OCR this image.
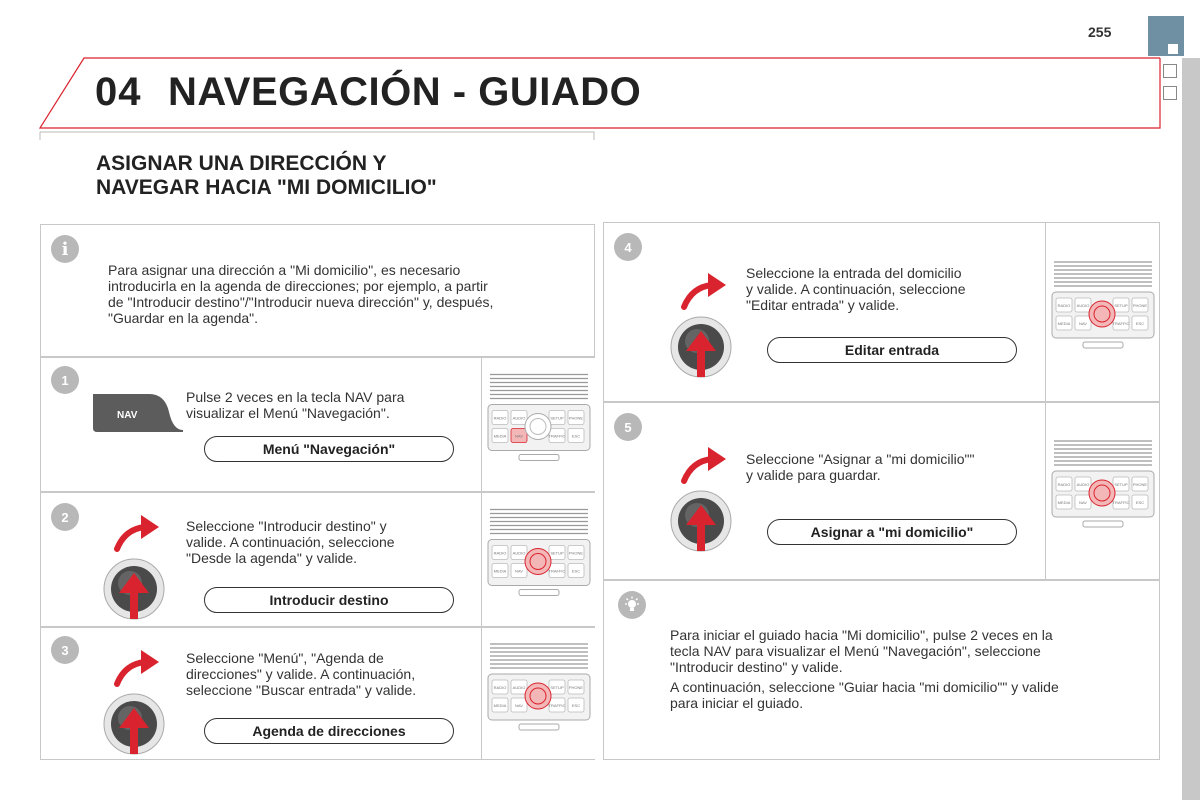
255
04 NAVEGACIÓN - GUIADO
ASIGNAR UNA DIRECCIÓN Y
NAVEGAR HACIA "MI DOMICILIO"
i
Para asignar una dirección a "Mi domicilio", es necesario
introducirla en la agenda de direcciones; por ejemplo, a partir
de "Introducir destino"/"Introducir nueva dirección" y, después,
"Guardar en la agenda".
1
NAV
Pulse 2 veces en la tecla NAV para
visualizar el Menú "Navegación".
Menú "Navegación"
RADIO AUDIO	SETUP PHONE
MEDIA NAV	TRAFFIC ESC
2
Seleccione "Introducir destino" y
valide. A continuación, seleccione
"Desde la agenda" y valide.
Introducir destino
RADIO AUDIO	SETUP PHONE
MEDIA NAV	TRAFFIC ESC
3	Seleccione "Menú", "Agenda de
direcciones" y valide. A continuación,
seleccione "Buscar entrada" y valide.
Agenda de direcciones
RADIO AUDIO	SETUP PHONE
MEDIA NAV	TRAFFIC ESC
4
Seleccione la entrada del domicilio
y valide. A continuación, seleccione
"Editar entrada" y valide.
Editar entrada
RADIO AUDIO	SETUP PHONE
MEDIA NAV	TRAFFIC ESC
5
Seleccione "Asignar a "mi domicilio""
y valide para guardar.
Asignar a "mi domicilio"
RADIO AUDIO	SETUP PHONE
MEDIA NAV	TRAFFIC ESC
Para iniciar el guiado hacia "Mi domicilio", pulse 2 veces en la
tecla NAV para visualizar el Menú "Navegación", seleccione
"Introducir destino" y valide.
A continuación, seleccione "Guiar hacia "mi domicilio"" y valide
para iniciar el guiado.
